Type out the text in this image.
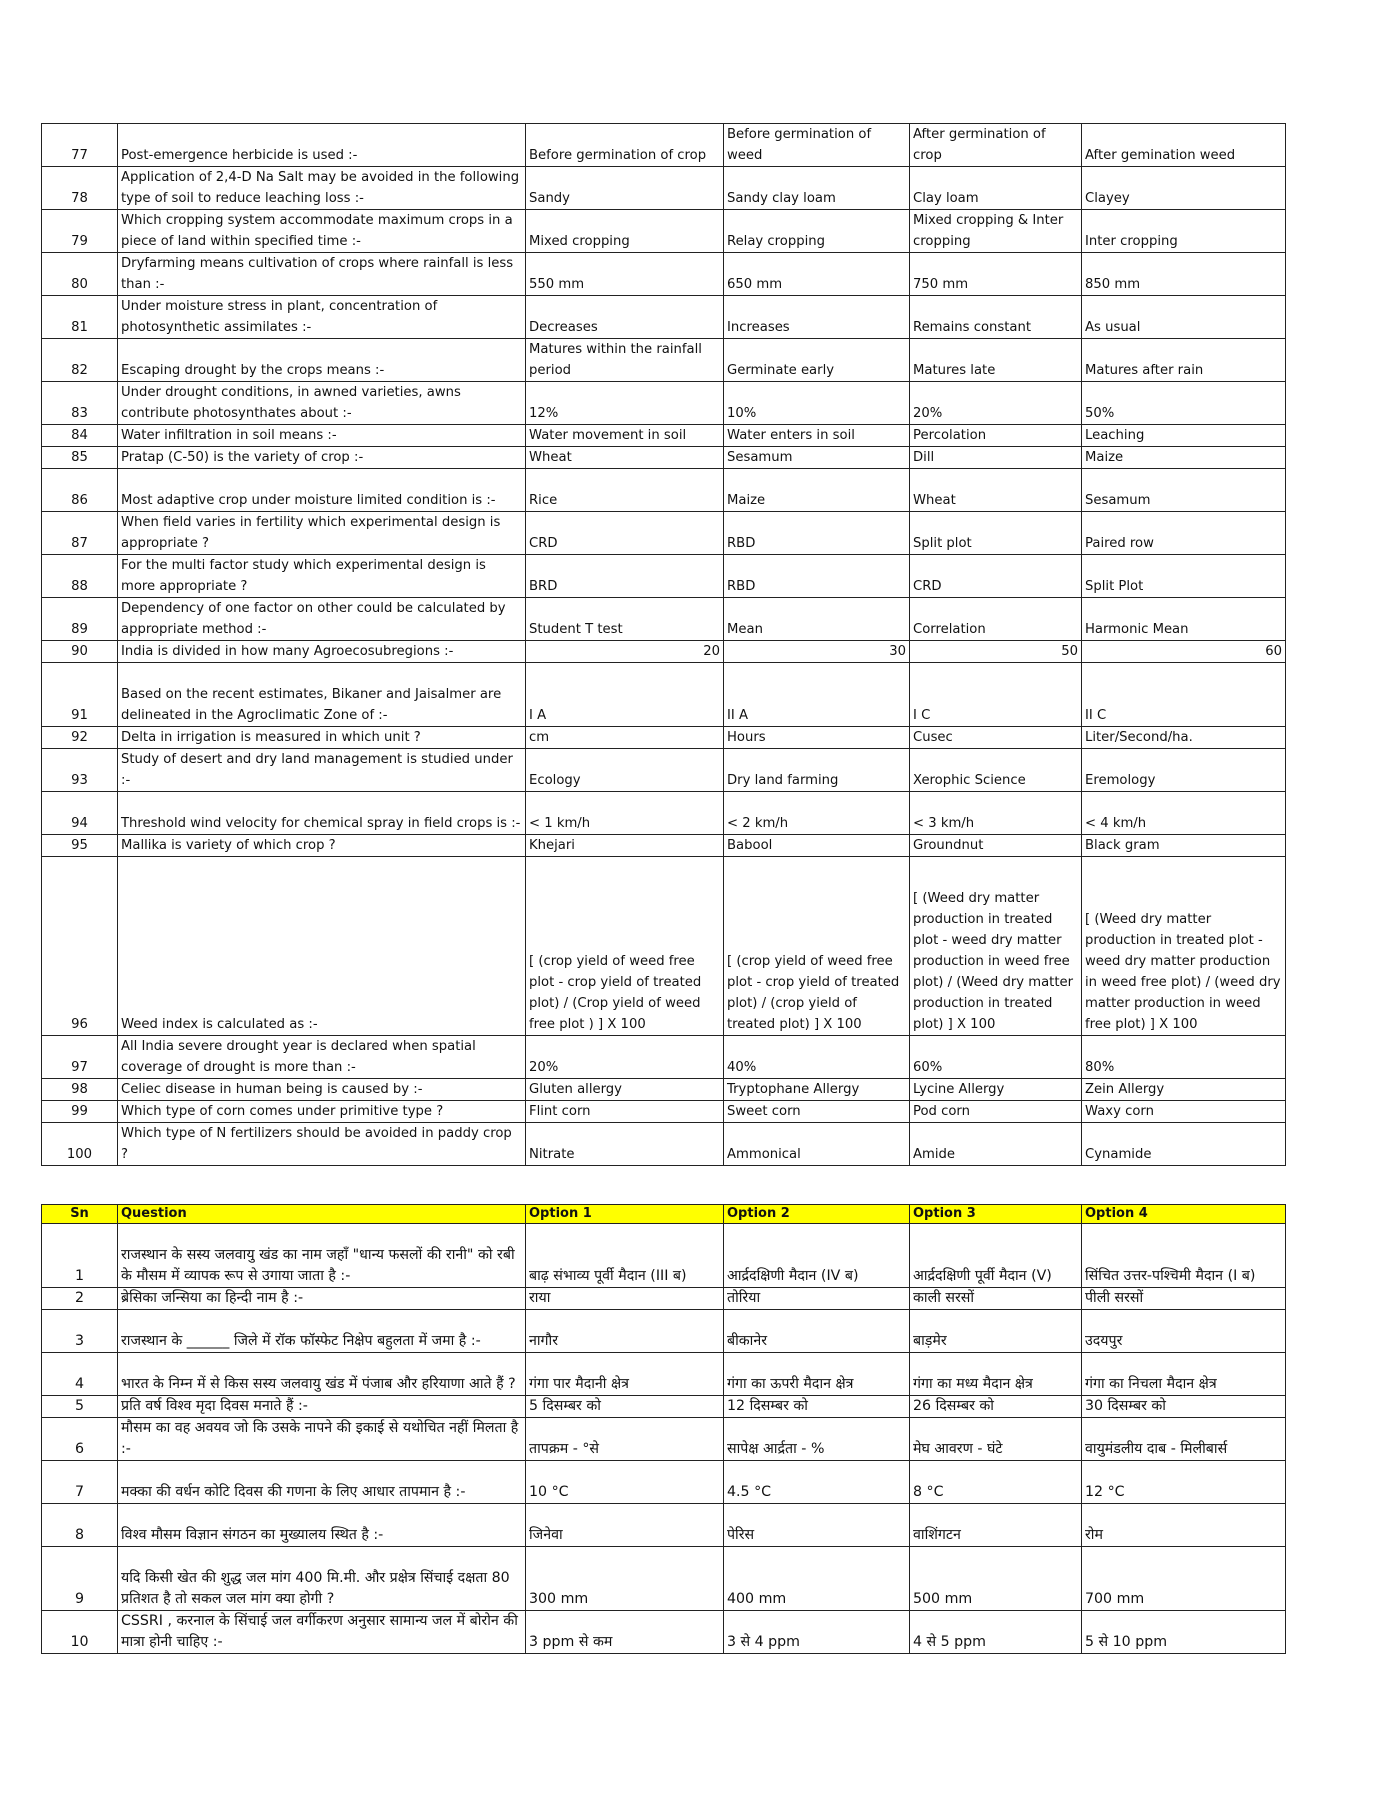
77	Post-emergence herbicide is used :-	Before germination of crop	Before germination of weed	After germination of crop	After gemination weed
78	Application of 2,4-D Na Salt may be avoided in the following type of soil to reduce leaching loss :-	Sandy	Sandy clay loam	Clay loam	Clayey
79	Which cropping system accommodate maximum crops in a piece of land within specified time :-	Mixed cropping	Relay cropping	Mixed cropping & Inter cropping	Inter cropping
80	Dryfarming means cultivation of crops where rainfall is less than :-	550 mm	650 mm	750 mm	850 mm
81	Under moisture stress in plant, concentration of photosynthetic assimilates :-	Decreases	Increases	Remains constant	As usual
82	Escaping drought by the crops means :-	Matures within the rainfall period	Germinate early	Matures late	Matures after rain
83	Under drought conditions, in awned varieties, awns contribute photosynthates about :-	12%	10%	20%	50%
84	Water infiltration in soil means :-	Water movement in soil	Water enters in soil	Percolation	Leaching
85	Pratap (C-50) is the variety of crop :-	Wheat	Sesamum	Dill	Maize
86	Most adaptive crop under moisture limited condition is :-	Rice	Maize	Wheat	Sesamum
87	When field varies in fertility which experimental design is appropriate ?	CRD	RBD	Split plot	Paired row
88	For the multi factor study which experimental design is more appropriate ?	BRD	RBD	CRD	Split Plot
89	Dependency of one factor on other could be calculated by appropriate method :-	Student T test	Mean	Correlation	Harmonic Mean
90	India is divided in how many Agroecosubregions :-	20	30	50	60
91	Based on the recent estimates, Bikaner and Jaisalmer are delineated in the Agroclimatic Zone of :-	I A	II A	I C	II C
92	Delta in irrigation is measured in which unit ?	cm	Hours	Cusec	Liter/Second/ha.
93	Study of desert and dry land management is studied under :-	Ecology	Dry land farming	Xerophic Science	Eremology
94	Threshold wind velocity for chemical spray in field crops is :-	< 1 km/h	< 2 km/h	< 3 km/h	< 4 km/h
95	Mallika is variety of which crop ?	Khejari	Babool	Groundnut	Black gram
96	Weed index is calculated as :-	[ (crop yield of weed free plot - crop yield of treated plot) / (Crop yield of weed free plot ) ] X 100	[ (crop yield of weed free plot - crop yield of treated plot) / (crop yield of treated plot) ] X 100	[ (Weed dry matter production in treated plot - weed dry matter production in weed free plot) / (Weed dry matter production in treated plot) ] X 100	[ (Weed dry matter production in treated plot - weed dry matter production in weed free plot) / (weed dry matter production in weed free plot) ] X 100
97	All India severe drought year is declared when spatial coverage of drought is more than :-	20%	40%	60%	80%
98	Celiec disease in human being is caused by :-	Gluten allergy	Tryptophane Allergy	Lycine Allergy	Zein Allergy
99	Which type of corn comes under primitive type ?	Flint corn	Sweet corn	Pod corn	Waxy corn
100	Which type of N fertilizers should be avoided in paddy crop ?	Nitrate	Ammonical	Amide	Cynamide
Sn	Question	Option 1	Option 2	Option 3	Option 4
1	राजस्थान के सस्य जलवायु खंड का नाम जहाँ "धान्य फसलों की रानी" को रबी के मौसम में व्यापक रूप से उगाया जाता है :-	बाढ़ संभाव्य पूर्वी मैदान (III ब)	आर्द्रदक्षिणी मैदान (IV ब)	आर्द्रदक्षिणी पूर्वी मैदान (V)	सिंचित उत्तर-पश्चिमी मैदान (I ब)
2	ब्रेसिका जन्सिया का हिन्दी नाम है :-	राया	तोरिया	काली सरसों	पीली सरसों
3	राजस्थान के ______ जिले में रॉक फॉस्फेट निक्षेप बहुलता में जमा है :-	नागौर	बीकानेर	बाड़मेर	उदयपुर
4	भारत के निम्न में से किस सस्य जलवायु खंड में पंजाब और हरियाणा आते हैं ?	गंगा पार मैदानी क्षेत्र	गंगा का ऊपरी मैदान क्षेत्र	गंगा का मध्य मैदान क्षेत्र	गंगा का निचला मैदान क्षेत्र
5	प्रति वर्ष विश्व मृदा दिवस मनाते हैं :-	5 दिसम्बर को	12 दिसम्बर को	26 दिसम्बर को	30 दिसम्बर को
6	मौसम का वह अवयव जो कि उसके नापने की इकाई से यथोचित नहीं मिलता है :-	तापक्रम - °से	सापेक्ष आर्द्रता - %	मेघ आवरण - घंटे	वायुमंडलीय दाब - मिलीबार्स
7	मक्का की वर्धन कोटि दिवस की गणना के लिए आधार तापमान है :-	10 °C	4.5 °C	8 °C	12 °C
8	विश्व मौसम विज्ञान संगठन का मुख्यालय स्थित है :-	जिनेवा	पेरिस	वाशिंगटन	रोम
9	यदि किसी खेत की शुद्ध जल मांग 400 मि.मी. और प्रक्षेत्र सिंचाई दक्षता 80 प्रतिशत है तो सकल जल मांग क्या होगी ?	300 mm	400 mm	500 mm	700 mm
10	CSSRI , करनाल के सिंचाई जल वर्गीकरण अनुसार सामान्य जल में बोरोन की मात्रा होनी चाहिए :-	3 ppm से कम	3 से 4 ppm	4 से 5 ppm	5 से 10 ppm
